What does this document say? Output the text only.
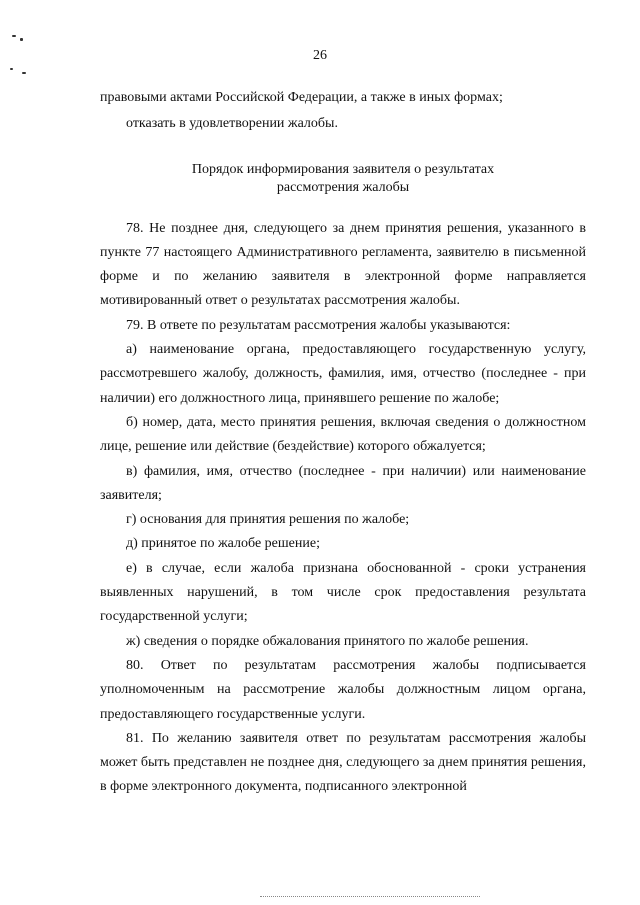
26

правовыми актами Российской Федерации, а также в иных формах;

отказать в удовлетворении жалобы.

Порядок информирования заявителя о результатах
рассмотрения жалобы

78. Не позднее дня, следующего за днем принятия решения, указанного в пункте 77 настоящего Административного регламента, заявителю в письменной форме и по желанию заявителя в электронной форме направляется мотивированный ответ о результатах рассмотрения жалобы.

79. В ответе по результатам рассмотрения жалобы указываются:

а) наименование органа, предоставляющего государственную услугу, рассмотревшего жалобу, должность, фамилия, имя, отчество (последнее - при наличии) его должностного лица, принявшего решение по жалобе;

б) номер, дата, место принятия решения, включая сведения о должностном лице, решение или действие (бездействие) которого обжалуется;

в) фамилия, имя, отчество (последнее - при наличии) или наименование заявителя;

г) основания для принятия решения по жалобе;

д) принятое по жалобе решение;

е) в случае, если жалоба признана обоснованной - сроки устранения выявленных нарушений, в том числе срок предоставления результата государственной услуги;

ж) сведения о порядке обжалования принятого по жалобе решения.

80. Ответ по результатам рассмотрения жалобы подписывается уполномоченным на рассмотрение жалобы должностным лицом органа, предоставляющего государственные услуги.

81. По желанию заявителя ответ по результатам рассмотрения жалобы может быть представлен не позднее дня, следующего за днем принятия решения, в форме электронного документа, подписанного электронной
